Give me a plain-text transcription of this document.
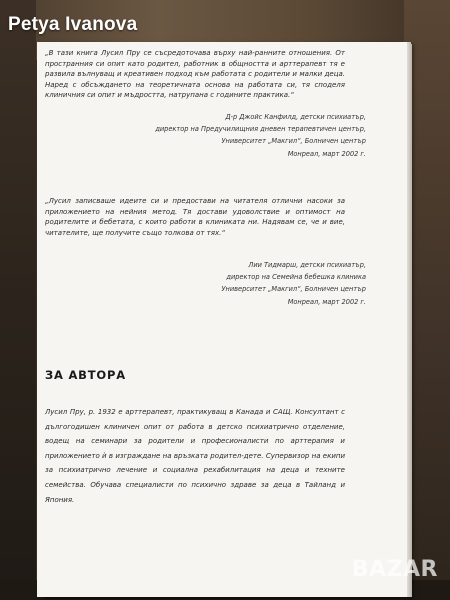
Petya Ivanova
„В тази книга Лусил Пру се съсредоточава върху най-ранните отношения. От пространния си опит като родител, работник в общността и арттерапевт тя е развила вълнуващ и креативен подход към работата с родители и малки деца. Наред с обсъждането на теоретичната основа на работата си, тя споделя клиничния си опит и мъдростта, натрупана с годините практика.“
Д-р Джойс Канфилд, детски психиатър,
директор на Предучилищния дневен терапевтичен център,
Университет „Макгил“, Болничен център
Монреал, март 2002 г.
„Лусил записваше идеите си и предостави на читателя отлични насоки за приложението на нейния метод. Тя достави удоволствие и оптимост на родителите и бебетата, с които работи в клиниката ни. Надявам се, че и вие, читателите, ще получите също толкова от тях.“
Лии Тидмарш, детски психиатър,
директор на Семейна бебешка клиника
Университет „Макгил“, Болничен център
Монреал, март 2002 г.
ЗА АВТОРА
Лусил Пру, р. 1932 е арттерапевт, практикуващ в Канада и САЩ. Консултант с дългогодишен клиничен опит от работа в детско психиатрично отделение, водещ на семинари за родители и професионалисти по арттерапия и приложението ѝ в изграждане на връзката родител-дете. Супервизор на екипи за психиатрично лечение и социална рехабилитация на деца и техните семейства. Обучава специалисти по психично здраве за деца в Тайланд и Япония.
BAZAR
